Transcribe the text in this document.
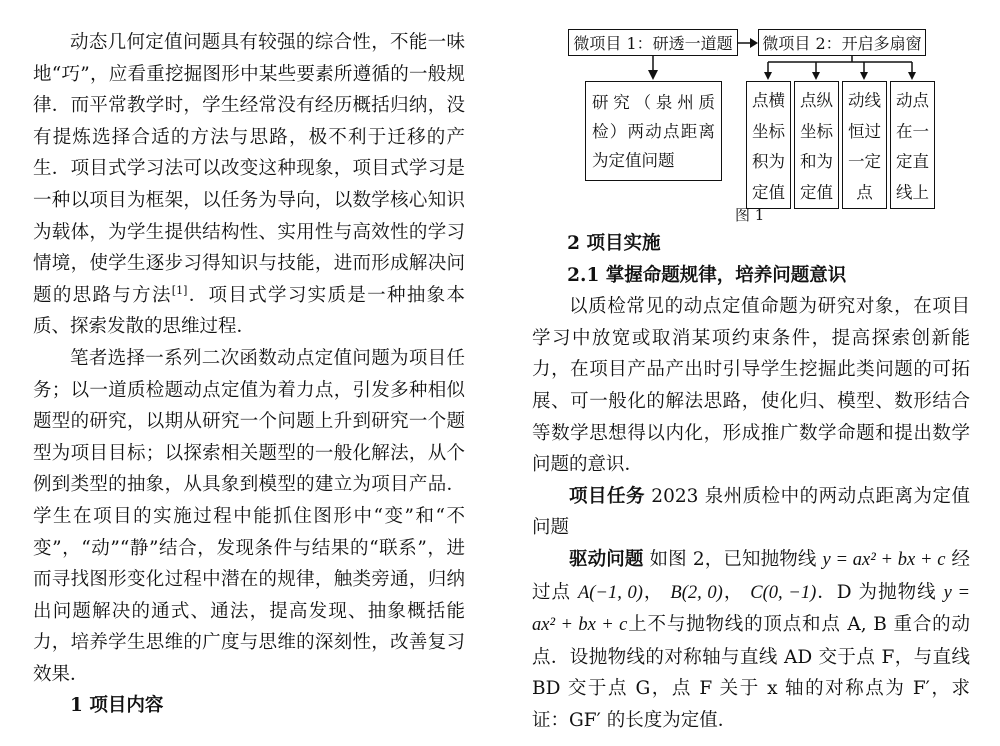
动态几何定值问题具有较强的综合性，不能一味地“巧”，应看重挖掘图形中某些要素所遵循的一般规律．而平常教学时，学生经常没有经历概括归纳，没有提炼选择合适的方法与思路，极不利于迁移的产生．项目式学习法可以改变这种现象，项目式学习是一种以项目为框架，以任务为导向，以数学核心知识为载体，为学生提供结构性、实用性与高效性的学习情境，使学生逐步习得知识与技能，进而形成解决问题的思路与方法[1]．项目式学习实质是一种抽象本质、探索发散的思维过程．

笔者选择一系列二次函数动点定值问题为项目任务；以一道质检题动点定值为着力点，引发多种相似题型的研究，以期从研究一个问题上升到研究一个题型为项目目标；以探索相关题型的一般化解法，从个例到类型的抽象，从具象到模型的建立为项目产品．学生在项目的实施过程中能抓住图形中“变”和“不变”，“动”“静”结合，发现条件与结果的“联系”，进而寻找图形变化过程中潜在的规律，触类旁通，归纳出问题解决的通式、通法，提高发现、抽象概括能力，培养学生思维的广度与思维的深刻性，改善复习效果．

1 项目内容

微项目 1：研透一道题	微项目 2：开启多扇窗
研究（泉州质检）两动点距离为定值问题
点横
坐标
积为
定值
点纵
坐标
和为
定值
动线
恒过
一定
点
动点
在一
定直
线上
图 1

2 项目实施

2.1 掌握命题规律，培养问题意识

以质检常见的动点定值命题为研究对象，在项目学习中放宽或取消某项约束条件，提高探索创新能力，在项目产品产出时引导学生挖掘此类问题的可拓展、可一般化的解法思路，使化归、模型、数形结合等数学思想得以内化，形成推广数学命题和提出数学问题的意识．

项目任务 2023 泉州质检中的两动点距离为定值问题

驱动问题 如图 2，已知抛物线 y = ax² + bx + c 经过点 A(−1, 0)， B(2, 0)， C(0, −1)．D 为抛物线 y = ax² + bx + c上不与抛物线的顶点和点 A, B 重合的动点．设抛物线的对称轴与直线 AD 交于点 F，与直线 BD 交于点 G，点 F 关于 x 轴的对称点为 F′，求证：GF′ 的长度为定值．
